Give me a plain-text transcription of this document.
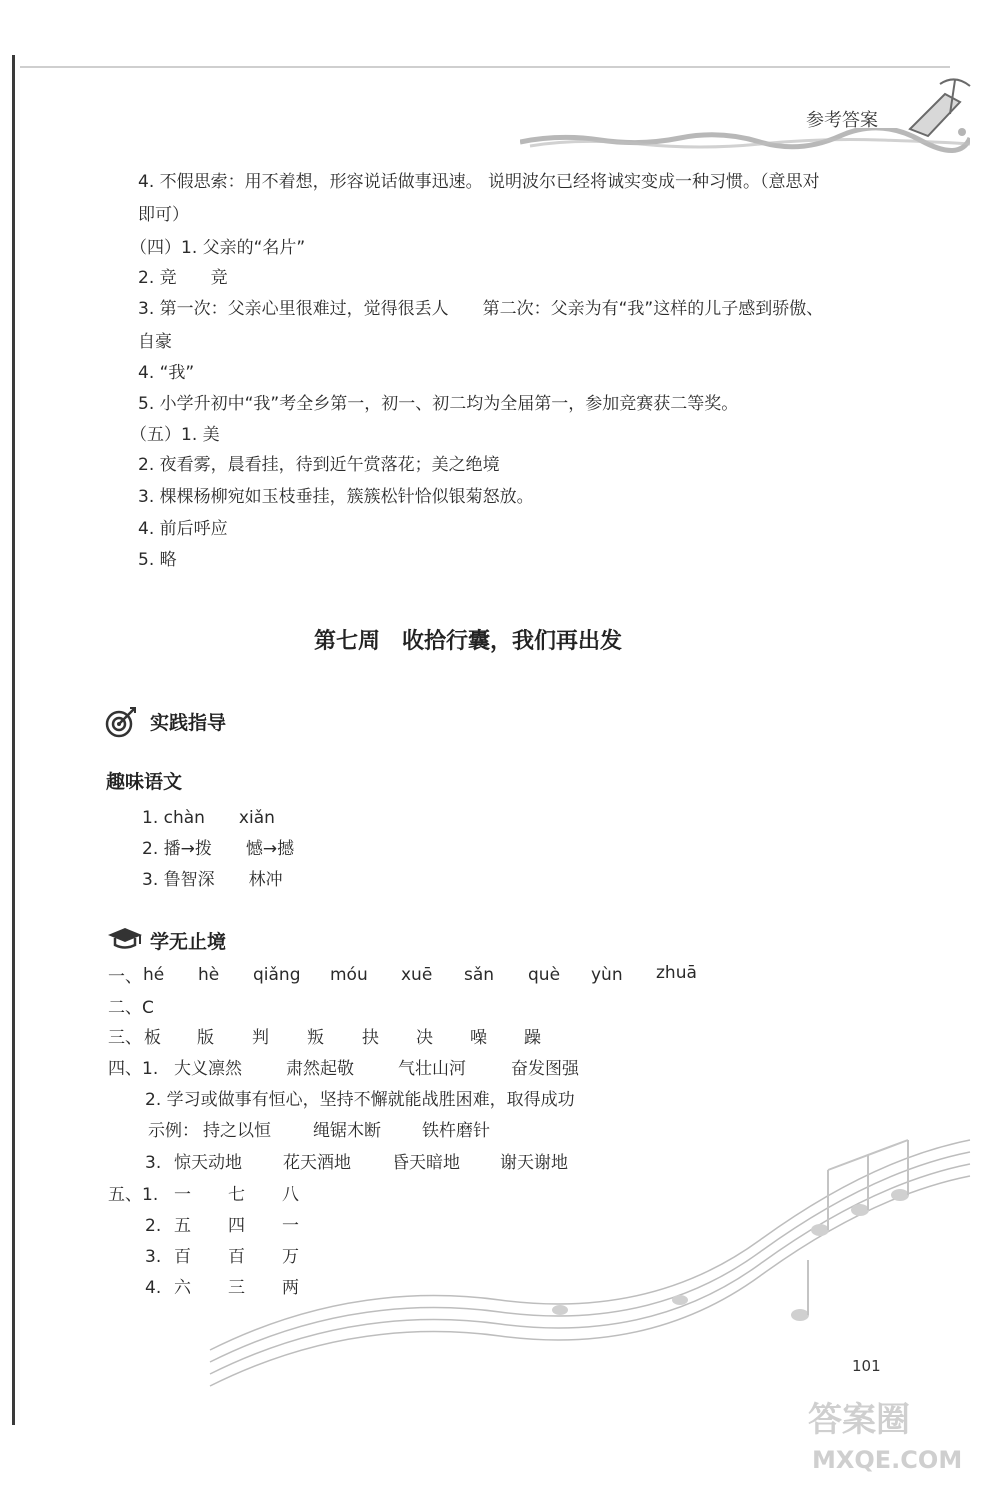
参考答案
4. 不假思索：用不着想，形容说话做事迅速。 说明波尔已经将诚实变成一种习惯。（意思对
即可）
（四）1. 父亲的“名片”
2. 竞　　竞
3. 第一次：父亲心里很难过，觉得很丢人　　第二次：父亲为有“我”这样的儿子感到骄傲、
自豪
4. “我”
5. 小学升初中“我”考全乡第一，初一、初二均为全届第一，参加竞赛获二等奖。
（五）1. 美
2. 夜看雾，晨看挂，待到近午赏落花；美之绝境
3. 棵棵杨柳宛如玉枝垂挂，簇簇松针恰似银菊怒放。
4. 前后呼应
5. 略
第七周　收拾行囊，我们再出发
实践指导
趣味语文
1. chàn　　xiǎn
2. 播→拨　　憾→撼
3. 鲁智深　　林冲
学无止境
一、 hé hè qiǎng móu xuē sǎn què yùn zhuā
二、C
三、 板 版 判 叛 抉 决 噪 躁
四、1. 大义凛然	肃然起敬	气壮山河	奋发图强
2. 学习或做事有恒心，坚持不懈就能战胜困难，取得成功
示例： 持之以恒 绳锯木断 铁杵磨针
3. 惊天动地 花天酒地 昏天暗地 谢天谢地
五、1. 一 七 八
2. 五 四 一
3. 百 百 万
4. 六 三 两
101
答案圈
MXQE.COM
